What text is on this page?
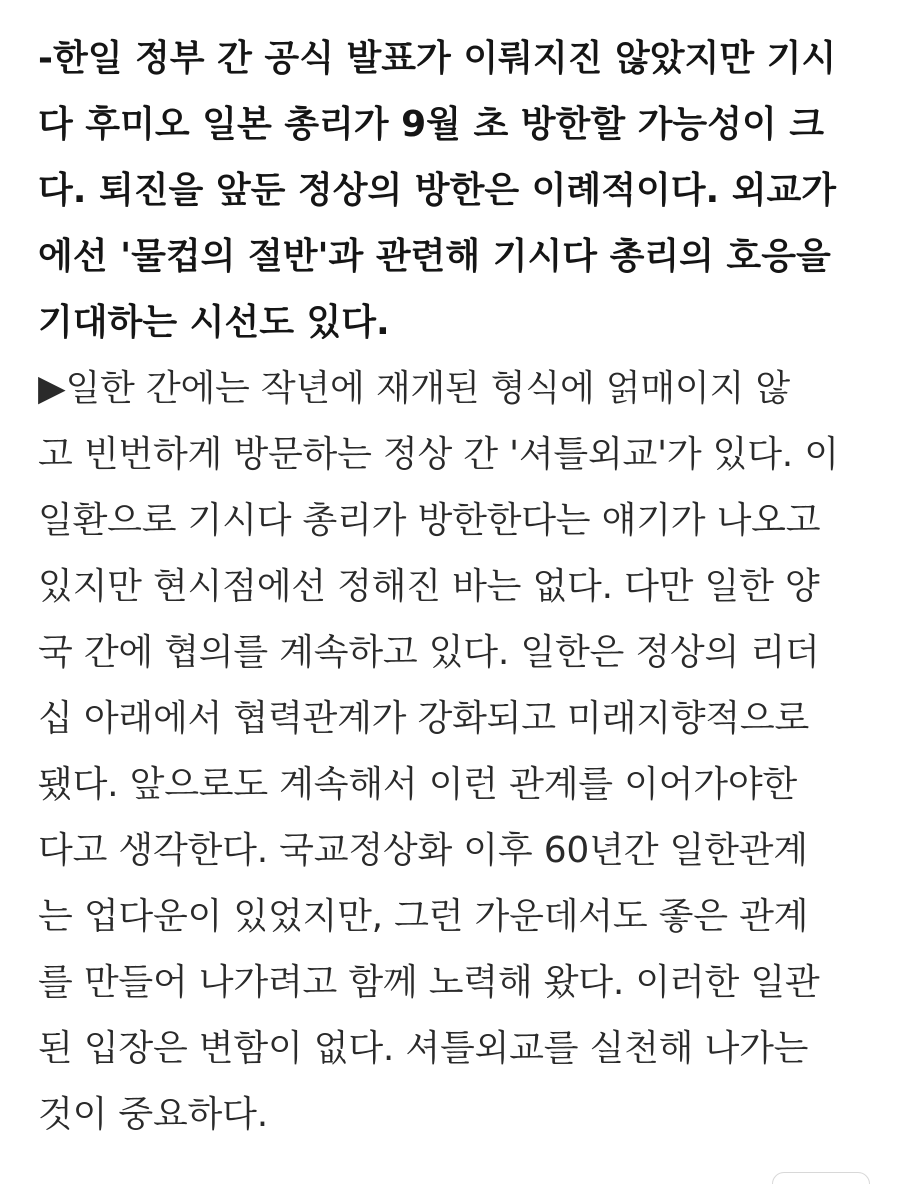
-한일 정부 간 공식 발표가 이뤄지진 않았지만 기시
다 후미오 일본 총리가 9월 초 방한할 가능성이 크
다. 퇴진을 앞둔 정상의 방한은 이례적이다. 외교가
에선 '물컵의 절반'과 관련해 기시다 총리의 호응을
기대하는 시선도 있다.

▶일한 간에는 작년에 재개된 형식에 얽매이지 않
고 빈번하게 방문하는 정상 간 '셔틀외교'가 있다. 이
일환으로 기시다 총리가 방한한다는 얘기가 나오고
있지만 현시점에선 정해진 바는 없다. 다만 일한 양
국 간에 협의를 계속하고 있다. 일한은 정상의 리더
십 아래에서 협력관계가 강화되고 미래지향적으로
됐다. 앞으로도 계속해서 이런 관계를 이어가야한
다고 생각한다. 국교정상화 이후 60년간 일한관계
는 업다운이 있었지만, 그런 가운데서도 좋은 관계
를 만들어 나가려고 함께 노력해 왔다. 이러한 일관
된 입장은 변함이 없다. 셔틀외교를 실천해 나가는
것이 중요하다.
